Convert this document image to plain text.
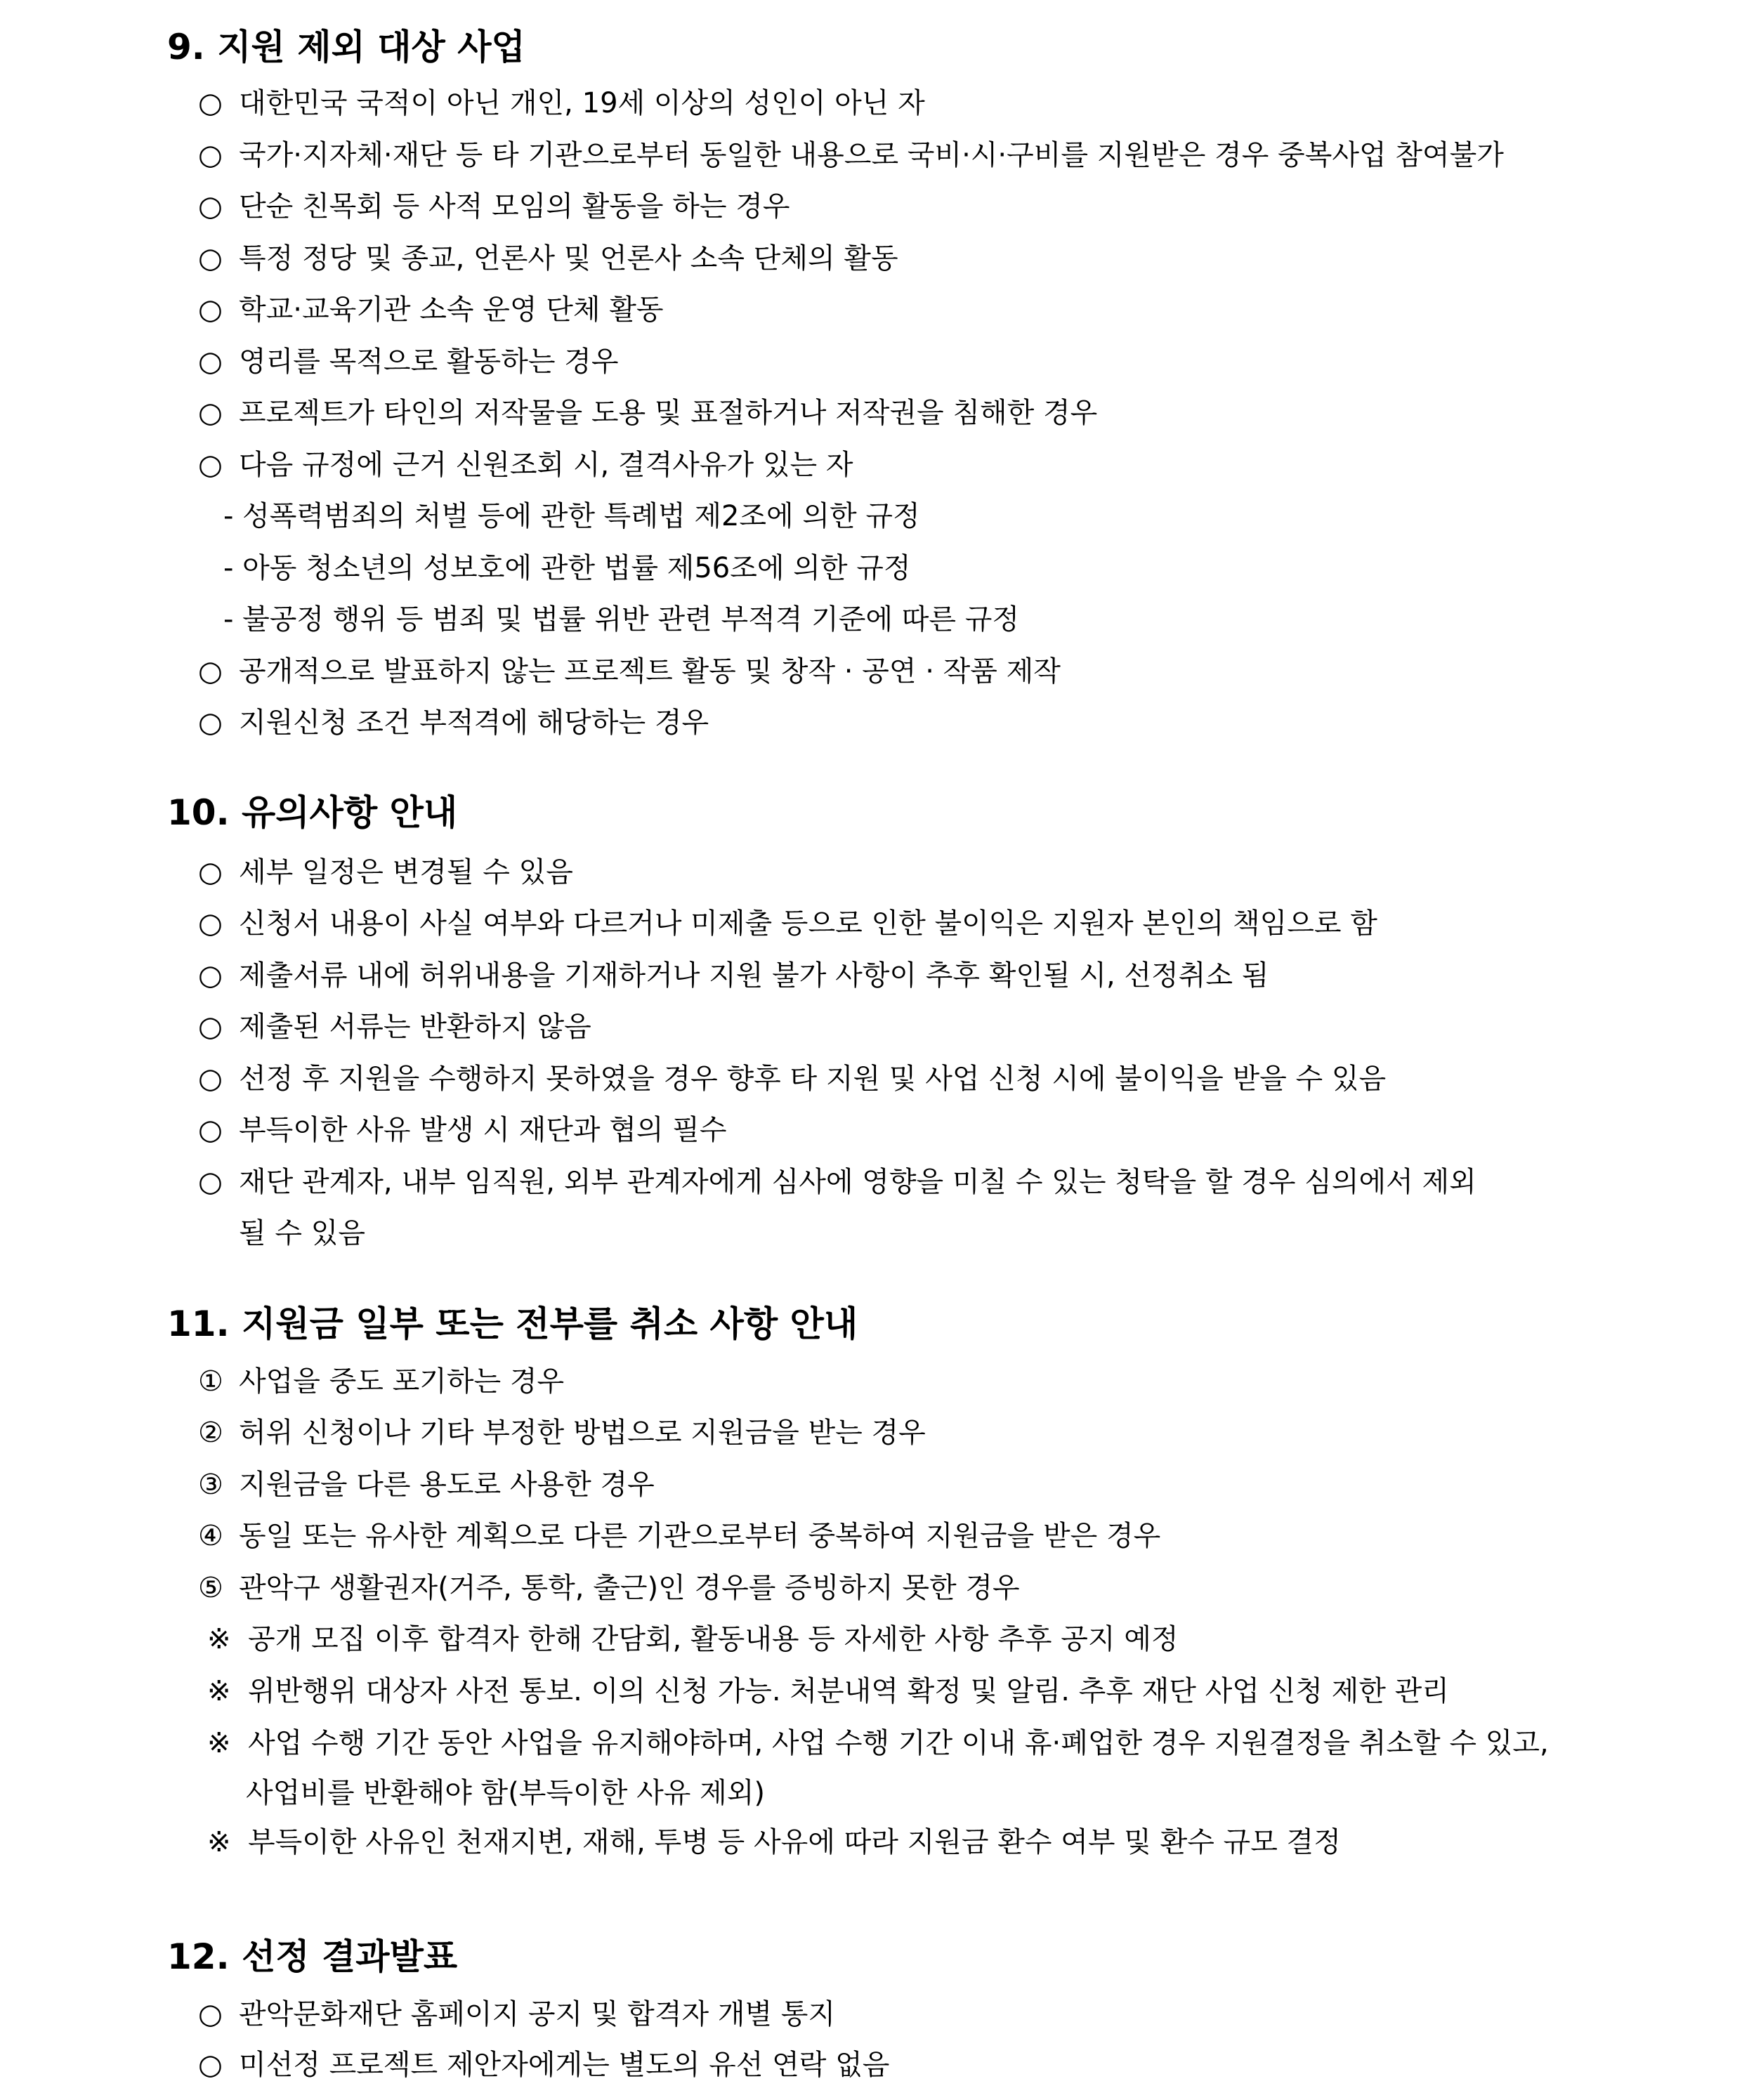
9. 지원 제외 대상 사업
○ 대한민국 국적이 아닌 개인, 19세 이상의 성인이 아닌 자
○ 국가·지자체·재단 등 타 기관으로부터 동일한 내용으로 국비·시·구비를 지원받은 경우 중복사업 참여불가
○ 단순 친목회 등 사적 모임의 활동을 하는 경우
○ 특정 정당 및 종교, 언론사 및 언론사 소속 단체의 활동
○ 학교·교육기관 소속 운영 단체 활동
○ 영리를 목적으로 활동하는 경우
○ 프로젝트가 타인의 저작물을 도용 및 표절하거나 저작권을 침해한 경우
○ 다음 규정에 근거 신원조회 시, 결격사유가 있는 자
- 성폭력범죄의 처벌 등에 관한 특례법 제2조에 의한 규정
- 아동 청소년의 성보호에 관한 법률 제56조에 의한 규정
- 불공정 행위 등 범죄 및 법률 위반 관련 부적격 기준에 따른 규정
○ 공개적으로 발표하지 않는 프로젝트 활동 및 창작 · 공연 · 작품 제작
○ 지원신청 조건 부적격에 해당하는 경우
10. 유의사항 안내
○ 세부 일정은 변경될 수 있음
○ 신청서 내용이 사실 여부와 다르거나 미제출 등으로 인한 불이익은 지원자 본인의 책임으로 함
○ 제출서류 내에 허위내용을 기재하거나 지원 불가 사항이 추후 확인될 시, 선정취소 됨
○ 제출된 서류는 반환하지 않음
○ 선정 후 지원을 수행하지 못하였을 경우 향후 타 지원 및 사업 신청 시에 불이익을 받을 수 있음
○ 부득이한 사유 발생 시 재단과 협의 필수
○ 재단 관계자, 내부 임직원, 외부 관계자에게 심사에 영향을 미칠 수 있는 청탁을 할 경우 심의에서 제외
될 수 있음
11. 지원금 일부 또는 전부를 취소 사항 안내
① 사업을 중도 포기하는 경우
② 허위 신청이나 기타 부정한 방법으로 지원금을 받는 경우
③ 지원금을 다른 용도로 사용한 경우
④ 동일 또는 유사한 계획으로 다른 기관으로부터 중복하여 지원금을 받은 경우
⑤ 관악구 생활권자(거주, 통학, 출근)인 경우를 증빙하지 못한 경우
※ 공개 모집 이후 합격자 한해 간담회, 활동내용 등 자세한 사항 추후 공지 예정
※ 위반행위 대상자 사전 통보. 이의 신청 가능. 처분내역 확정 및 알림. 추후 재단 사업 신청 제한 관리
※ 사업 수행 기간 동안 사업을 유지해야하며, 사업 수행 기간 이내 휴·폐업한 경우 지원결정을 취소할 수 있고,
사업비를 반환해야 함(부득이한 사유 제외)
※ 부득이한 사유인 천재지변, 재해, 투병 등 사유에 따라 지원금 환수 여부 및 환수 규모 결정
12. 선정 결과발표
○ 관악문화재단 홈페이지 공지 및 합격자 개별 통지
○ 미선정 프로젝트 제안자에게는 별도의 유선 연락 없음
